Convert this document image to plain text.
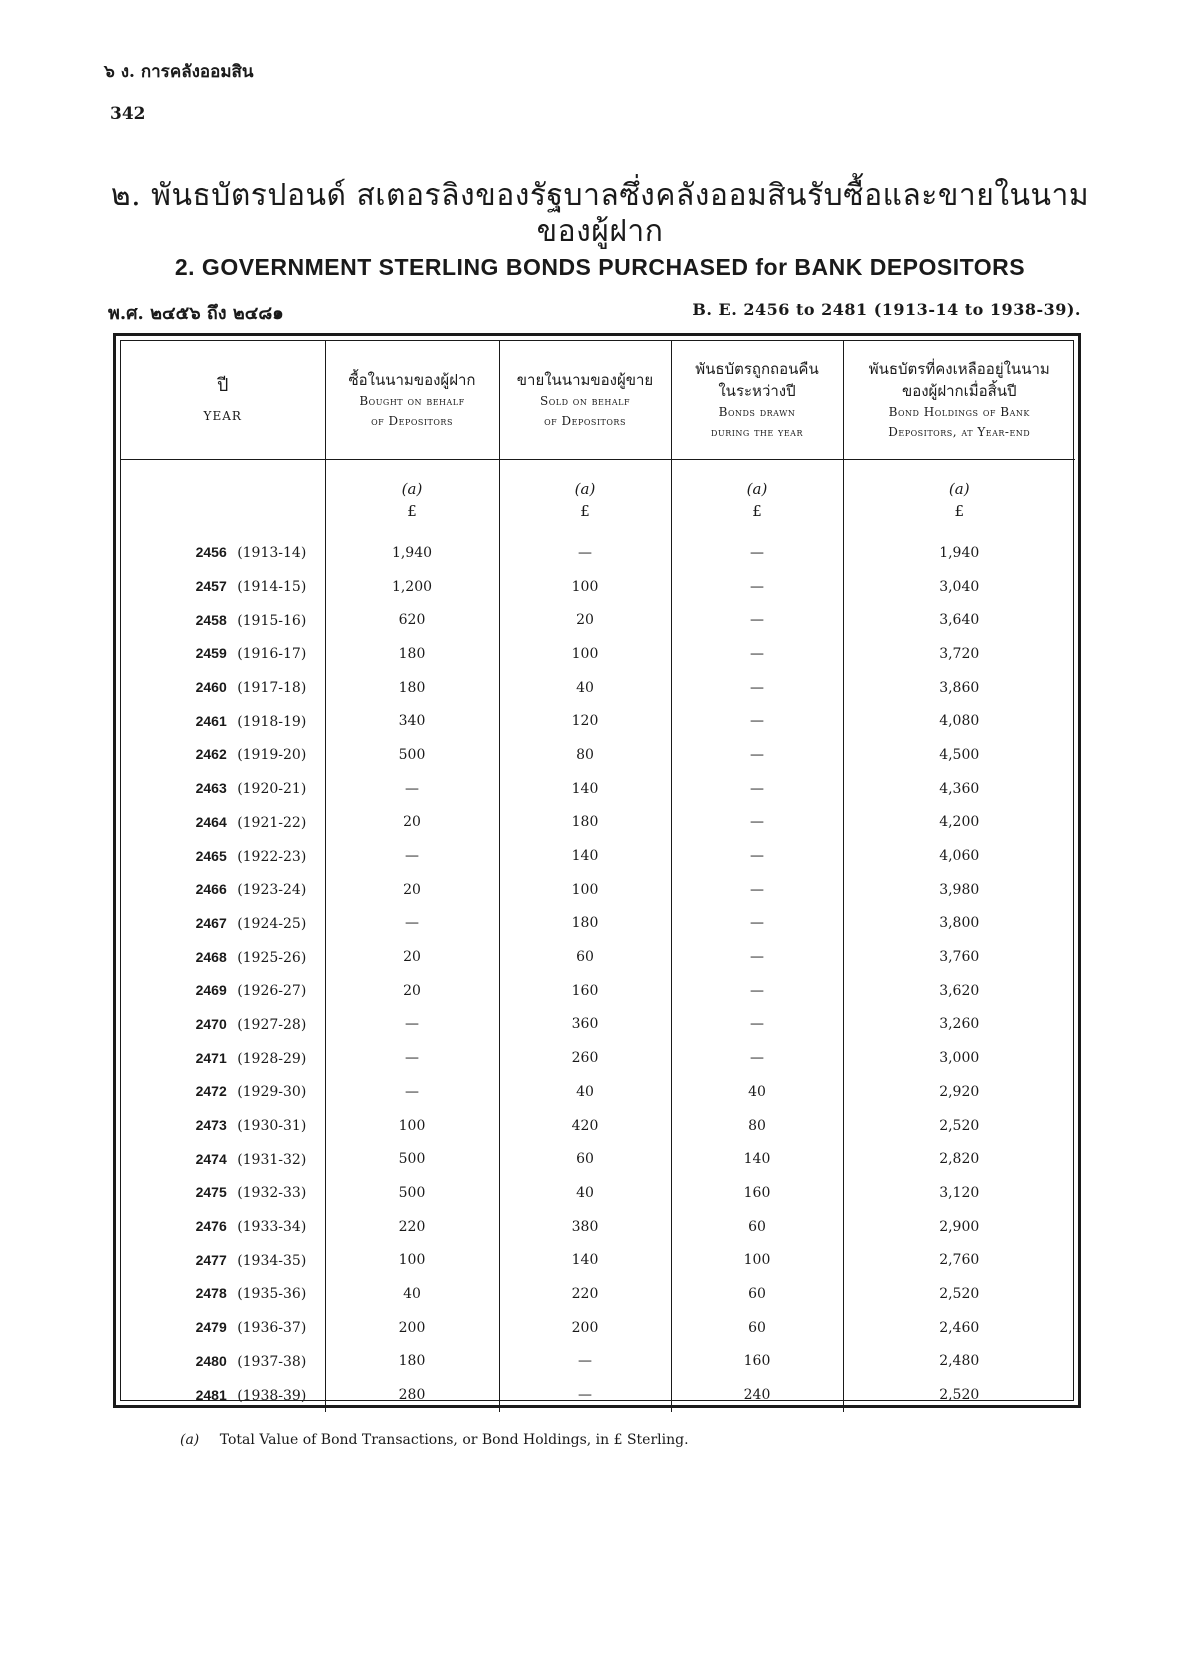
๖ ง. การคลังออมสิน
342
๒. พันธบัตรปอนด์ สเตอรลิงของรัฐบาลซึ่งคลังออมสินรับซื้อและขายในนามของผู้ฝาก
2. GOVERNMENT STERLING BONDS PURCHASED for BANK DEPOSITORS
พ.ศ. ๒๔๕๖ ถึง ๒๔๘๑	B. E. 2456 to 2481 (1913-14 to 1938-39).
ปี
YEAR	ซื้อในนามของผู้ฝาก
Bought on behalf
of Depositors	ขายในนามของผู้ขาย
Sold on behalf
of Depositors	พันธบัตรถูกถอนคืน
ในระหว่างปี
Bonds drawn
during the year	พันธบัตรที่คงเหลืออยู่ในนาม
ของผู้ฝากเมื่อสิ้นปี
Bond Holdings of Bank
Depositors, at Year-end

	(a)	(a)	(a)	(a)
	£	£	£	£

2456 (1913-14)	1,940	—	—	1,940
2457 (1914-15)	1,200	100	—	3,040
2458 (1915-16)	620	20	—	3,640
2459 (1916-17)	180	100	—	3,720
2460 (1917-18)	180	40	—	3,860
2461 (1918-19)	340	120	—	4,080
2462 (1919-20)	500	80	—	4,500
2463 (1920-21)	—	140	—	4,360
2464 (1921-22)	20	180	—	4,200
2465 (1922-23)	—	140	—	4,060
2466 (1923-24)	20	100	—	3,980
2467 (1924-25)	—	180	—	3,800
2468 (1925-26)	20	60	—	3,760
2469 (1926-27)	20	160	—	3,620
2470 (1927-28)	—	360	—	3,260
2471 (1928-29)	—	260	—	3,000
2472 (1929-30)	—	40	40	2,920
2473 (1930-31)	100	420	80	2,520
2474 (1931-32)	500	60	140	2,820
2475 (1932-33)	500	40	160	3,120
2476 (1933-34)	220	380	60	2,900
2477 (1934-35)	100	140	100	2,760
2478 (1935-36)	40	220	60	2,520
2479 (1936-37)	200	200	60	2,460
2480 (1937-38)	180	—	160	2,480
2481 (1938-39)	280	—	240	2,520

(a) Total Value of Bond Transactions, or Bond Holdings, in £ Sterling.
